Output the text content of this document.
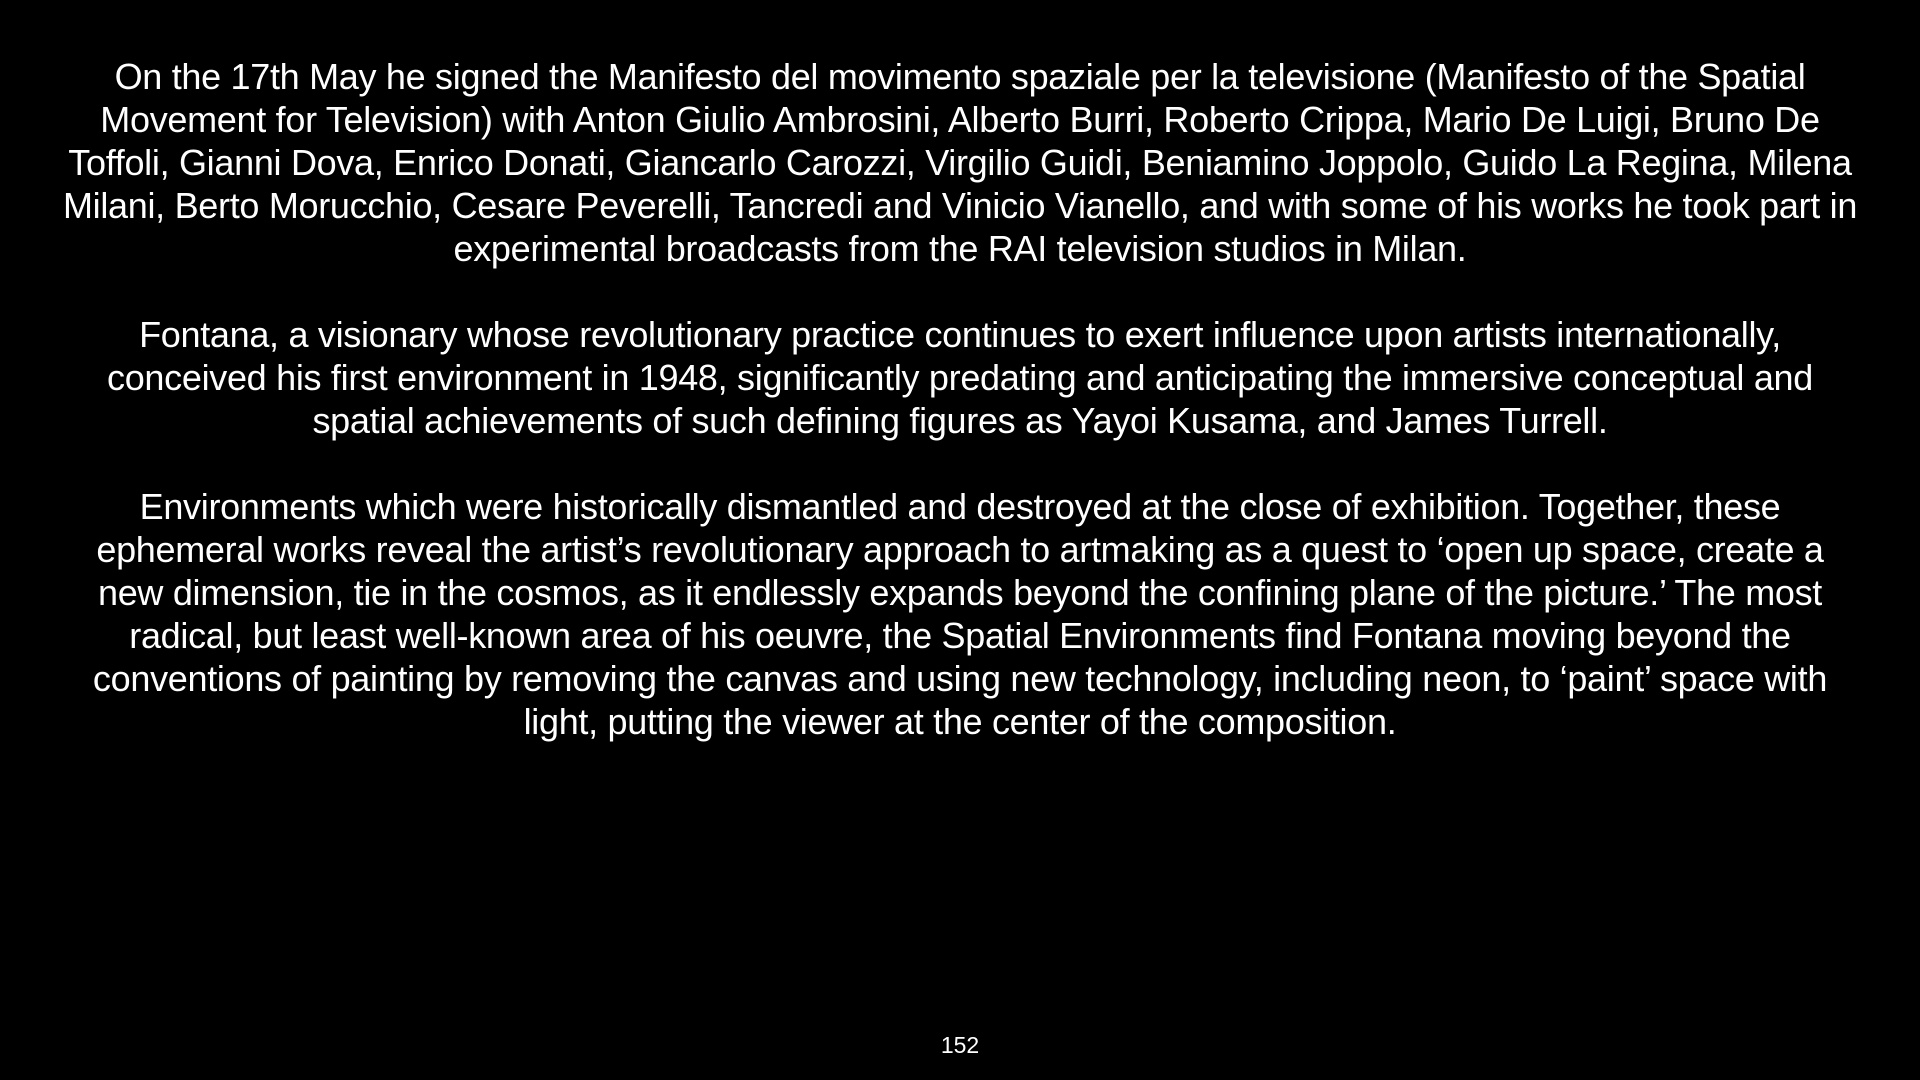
On the 17th May he signed the Manifesto del movimento spaziale per la televisione (Manifesto of the Spatial Movement for Television) with Anton Giulio Ambrosini, Alberto Burri, Roberto Crippa, Mario De Luigi, Bruno De Toffoli, Gianni Dova, Enrico Donati, Giancarlo Carozzi, Virgilio Guidi, Beniamino Joppolo, Guido La Regina, Milena Milani, Berto Morucchio, Cesare Peverelli, Tancredi and Vinicio Vianello, and with some of his works he took part in experimental broadcasts from the RAI television studios in Milan.

Fontana, a visionary whose revolutionary practice continues to exert influence upon artists internationally, conceived his first environment in 1948, significantly predating and anticipating the immersive conceptual and spatial achievements of such defining figures as Yayoi Kusama, and James Turrell.

Environments which were historically dismantled and destroyed at the close of exhibition. Together, these ephemeral works reveal the artist’s revolutionary approach to artmaking as a quest to ‘open up space, create a new dimension, tie in the cosmos, as it endlessly expands beyond the confining plane of the picture.’ The most radical, but least well-known area of his oeuvre, the Spatial Environments find Fontana moving beyond the conventions of painting by removing the canvas and using new technology, including neon, to ‘paint’ space with light, putting the viewer at the center of the composition.

152
